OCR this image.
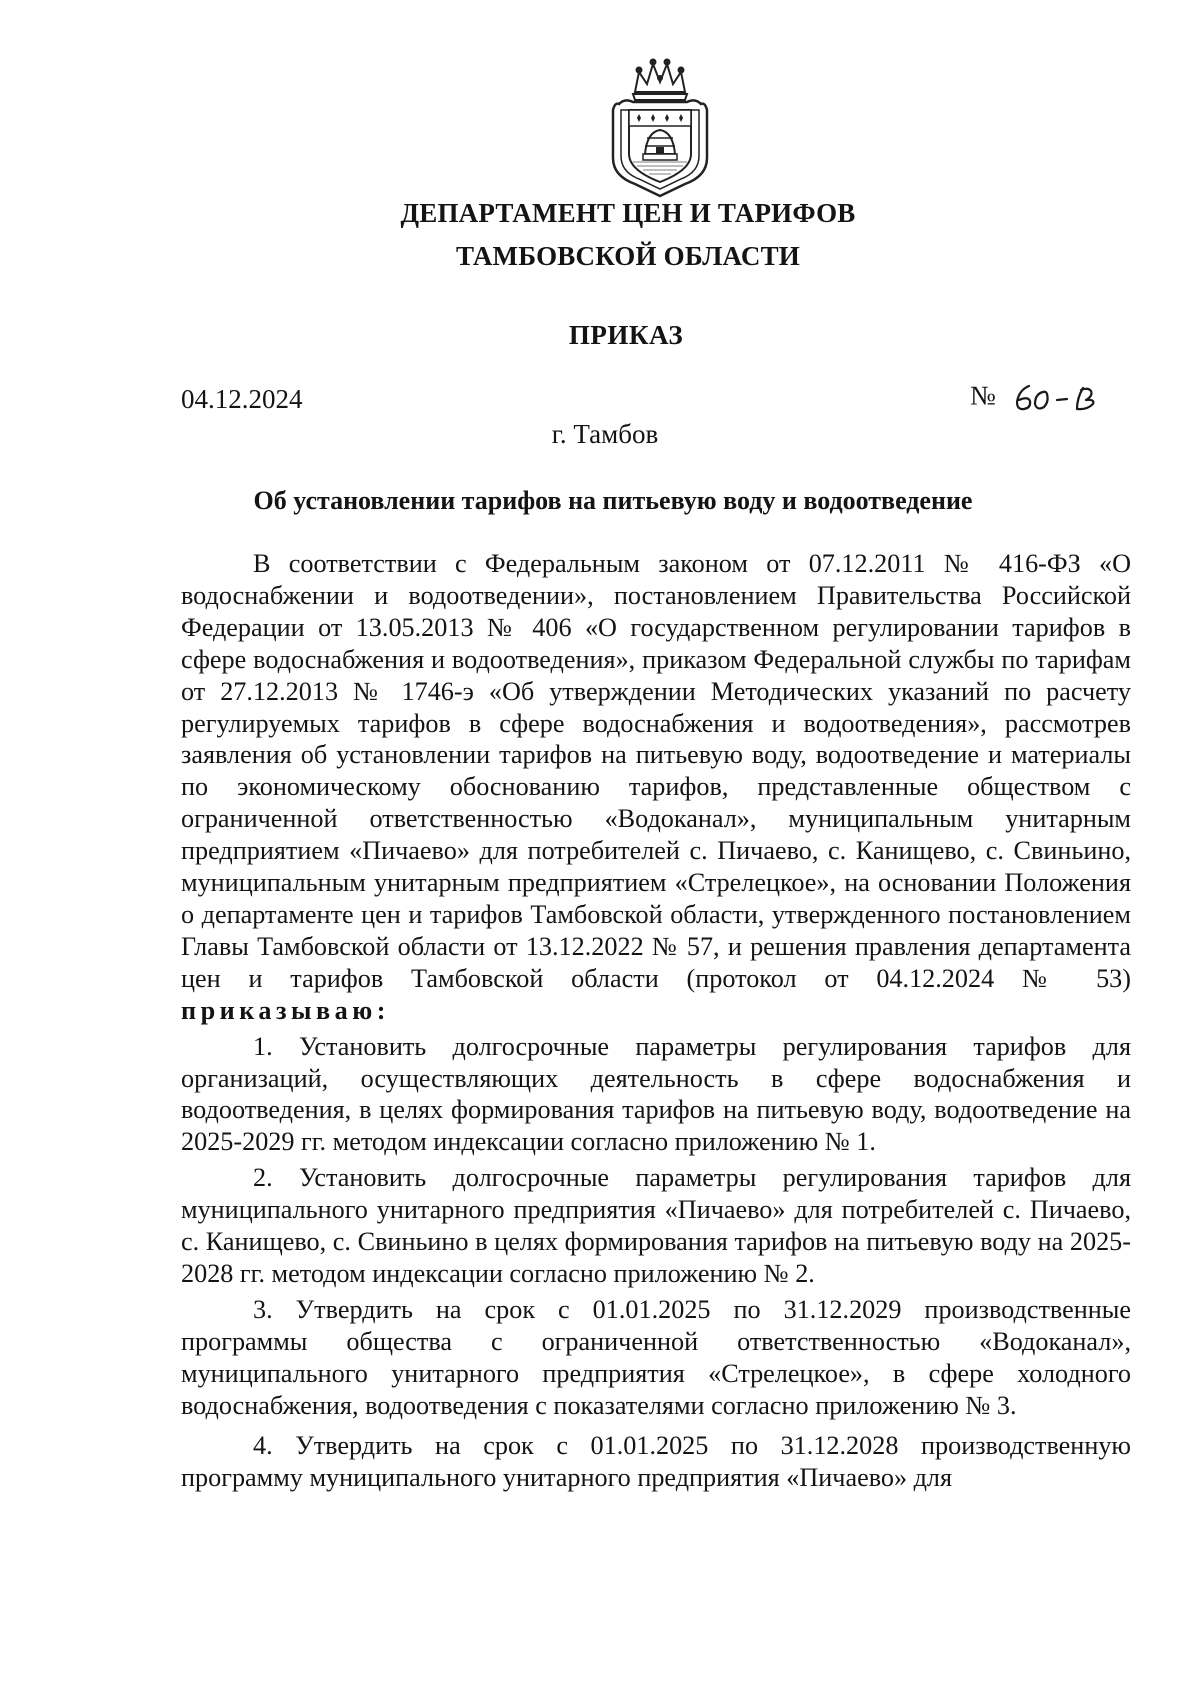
ДЕПАРТАМЕНТ ЦЕН И ТАРИФОВ
ТАМБОВСКОЙ ОБЛАСТИ
ПРИКАЗ
04.12.2024	№
г. Тамбов
Об установлении тарифов на питьевую воду и водоотведение

В соответствии с Федеральным законом от 07.12.2011 № 416-ФЗ «О водоснабжении и водоотведении», постановлением Правительства Российской Федерации от 13.05.2013 № 406 «О государственном регулировании тарифов в сфере водоснабжения и водоотведения», приказом Федеральной службы по тарифам от 27.12.2013 № 1746-э «Об утверждении Методических указаний по расчету регулируемых тарифов в сфере водоснабжения и водоотведения», рассмотрев заявления об установлении тарифов на питьевую воду, водоотведение и материалы по экономическому обоснованию тарифов, представленные обществом с ограниченной ответственностью «Водоканал», муниципальным унитарным предприятием «Пичаево» для потребителей с. Пичаево, с. Канищево, с. Свиньино, муниципальным унитарным предприятием «Стрелецкое», на основании Положения о департаменте цен и тарифов Тамбовской области, утвержденного постановлением Главы Тамбовской области от 13.12.2022 № 57, и решения правления департамента цен и тарифов Тамбовской области (протокол от 04.12.2024 № 53) приказываю:

1. Установить долгосрочные параметры регулирования тарифов для организаций, осуществляющих деятельность в сфере водоснабжения и водоотведения, в целях формирования тарифов на питьевую воду, водоотведение на 2025-2029 гг. методом индексации согласно приложению № 1.

2. Установить долгосрочные параметры регулирования тарифов для муниципального унитарного предприятия «Пичаево» для потребителей с. Пичаево, с. Канищево, с. Свиньино в целях формирования тарифов на питьевую воду на 2025-2028 гг. методом индексации согласно приложению № 2.

3. Утвердить на срок с 01.01.2025 по 31.12.2029 производственные программы общества с ограниченной ответственностью «Водоканал», муниципального унитарного предприятия «Стрелецкое», в сфере холодного водоснабжения, водоотведения с показателями согласно приложению № 3.

4. Утвердить на срок с 01.01.2025 по 31.12.2028 производственную программу муниципального унитарного предприятия «Пичаево» для
